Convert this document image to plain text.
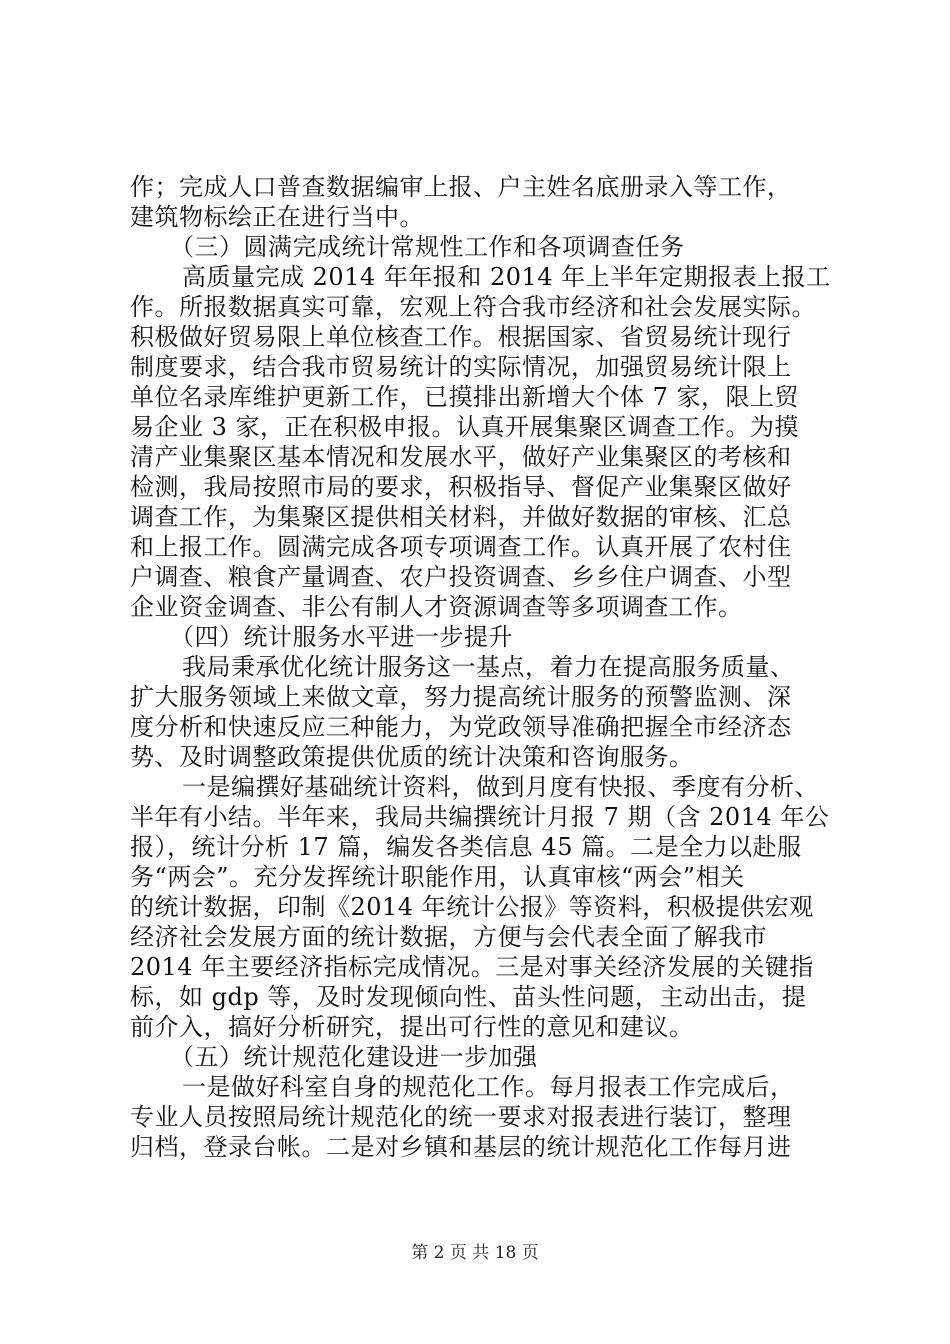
作；完成人口普查数据编审上报、户主姓名底册录入等工作，
建筑物标绘正在进行当中。
（三）圆满完成统计常规性工作和各项调查任务
高质量完成 2014 年年报和 2014 年上半年定期报表上报工
作。所报数据真实可靠，宏观上符合我市经济和社会发展实际。
积极做好贸易限上单位核查工作。根据国家、省贸易统计现行
制度要求，结合我市贸易统计的实际情况，加强贸易统计限上
单位名录库维护更新工作，已摸排出新增大个体 7 家，限上贸
易企业 3 家，正在积极申报。认真开展集聚区调查工作。为摸
清产业集聚区基本情况和发展水平，做好产业集聚区的考核和
检测，我局按照市局的要求，积极指导、督促产业集聚区做好
调查工作，为集聚区提供相关材料，并做好数据的审核、汇总
和上报工作。圆满完成各项专项调查工作。认真开展了农村住
户调查、粮食产量调查、农户投资调查、乡乡住户调查、小型
企业资金调查、非公有制人才资源调查等多项调查工作。
（四）统计服务水平进一步提升
我局秉承优化统计服务这一基点，着力在提高服务质量、
扩大服务领域上来做文章，努力提高统计服务的预警监测、深
度分析和快速反应三种能力，为党政领导准确把握全市经济态
势、及时调整政策提供优质的统计决策和咨询服务。
一是编撰好基础统计资料，做到月度有快报、季度有分析、
半年有小结。半年来，我局共编撰统计月报 7 期（含 2014 年公
报），统计分析 17 篇，编发各类信息 45 篇。二是全力以赴服
务“两会”。充分发挥统计职能作用，认真审核“两会”相关
的统计数据，印制《2014 年统计公报》等资料，积极提供宏观
经济社会发展方面的统计数据，方便与会代表全面了解我市
2014 年主要经济指标完成情况。三是对事关经济发展的关键指
标，如 gdp 等，及时发现倾向性、苗头性问题，主动出击，提
前介入，搞好分析研究，提出可行性的意见和建议。
（五）统计规范化建设进一步加强
一是做好科室自身的规范化工作。每月报表工作完成后，
专业人员按照局统计规范化的统一要求对报表进行装订，整理
归档，登录台帐。二是对乡镇和基层的统计规范化工作每月进
第 2 页 共 18 页
